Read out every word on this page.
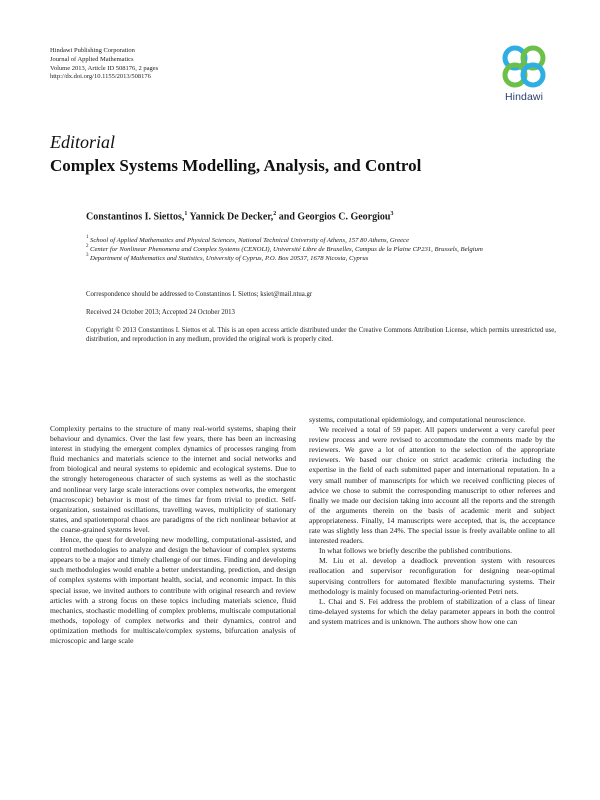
Hindawi Publishing Corporation
Journal of Applied Mathematics
Volume 2013, Article ID 508176, 2 pages
http://dx.doi.org/10.1155/2013/508176
Hindawi
Editorial
Complex Systems Modelling, Analysis, and Control
Constantinos I. Siettos,$^1$ Yannick De Decker,$^2$ and Georgios C. Georgiou$^3$
1 School of Applied Mathematics and Physical Sciences, National Technical University of Athens, 157 80 Athens, Greece
2 Center for Nonlinear Phenomena and Complex Systems (CENOLI), Université Libre de Bruxelles, Campus de la Plaine CP231, Brussels, Belgium
3 Department of Mathematics and Statistics, University of Cyprus, P.O. Box 20537, 1678 Nicosia, Cyprus
Correspondence should be addressed to Constantinos I. Siettos; ksiet@mail.ntua.gr
Received 24 October 2013; Accepted 24 October 2013
Copyright © 2013 Constantinos I. Siettos et al. This is an open access article distributed under the Creative Commons Attribution License, which permits unrestricted use, distribution, and reproduction in any medium, provided the original work is properly cited.

Complexity pertains to the structure of many real-world systems, shaping their behaviour and dynamics. Over the last few years, there has been an increasing interest in studying the emergent complex dynamics of processes ranging from fluid mechanics and materials science to the internet and social networks and from biological and neural systems to epidemic and ecological systems. Due to the strongly heterogeneous character of such systems as well as the stochastic and nonlinear very large scale interactions over complex networks, the emergent (macroscopic) behavior is most of the times far from trivial to predict. Self-organization, sustained oscillations, travelling waves, multiplicity of stationary states, and spatiotemporal chaos are paradigms of the rich nonlinear behavior at the coarse-grained systems level.

Hence, the quest for developing new modelling, computational-assisted, and control methodologies to analyze and design the behaviour of complex systems appears to be a major and timely challenge of our times. Finding and developing such methodologies would enable a better understanding, prediction, and design of complex systems with important health, social, and economic impact. In this special issue, we invited authors to contribute with original research and review articles with a strong focus on these topics including materials science, fluid mechanics, stochastic modelling of complex problems, multiscale computational methods, topology of complex networks and their dynamics, control and optimization methods for multiscale/complex systems, bifurcation analysis of microscopic and large scale

systems, computational epidemiology, and computational neuroscience.

We received a total of 59 paper. All papers underwent a very careful peer review process and were revised to accommodate the comments made by the reviewers. We gave a lot of attention to the selection of the appropriate reviewers. We based our choice on strict academic criteria including the expertise in the field of each submitted paper and international reputation. In a very small number of manuscripts for which we received conflicting pieces of advice we chose to submit the corresponding manuscript to other referees and finally we made our decision taking into account all the reports and the strength of the arguments therein on the basis of academic merit and subject appropriateness. Finally, 14 manuscripts were accepted, that is, the acceptance rate was slightly less than 24%. The special issue is freely available online to all interested readers.

In what follows we briefly describe the published contributions.

M. Liu et al. develop a deadlock prevention system with resources reallocation and supervisor reconfiguration for designing near-optimal supervising controllers for automated flexible manufacturing systems. Their methodology is mainly focused on manufacturing-oriented Petri nets.

L. Chai and S. Fei address the problem of stabilization of a class of linear time-delayed systems for which the delay parameter appears in both the control and system matrices and is unknown. The authors show how one can
